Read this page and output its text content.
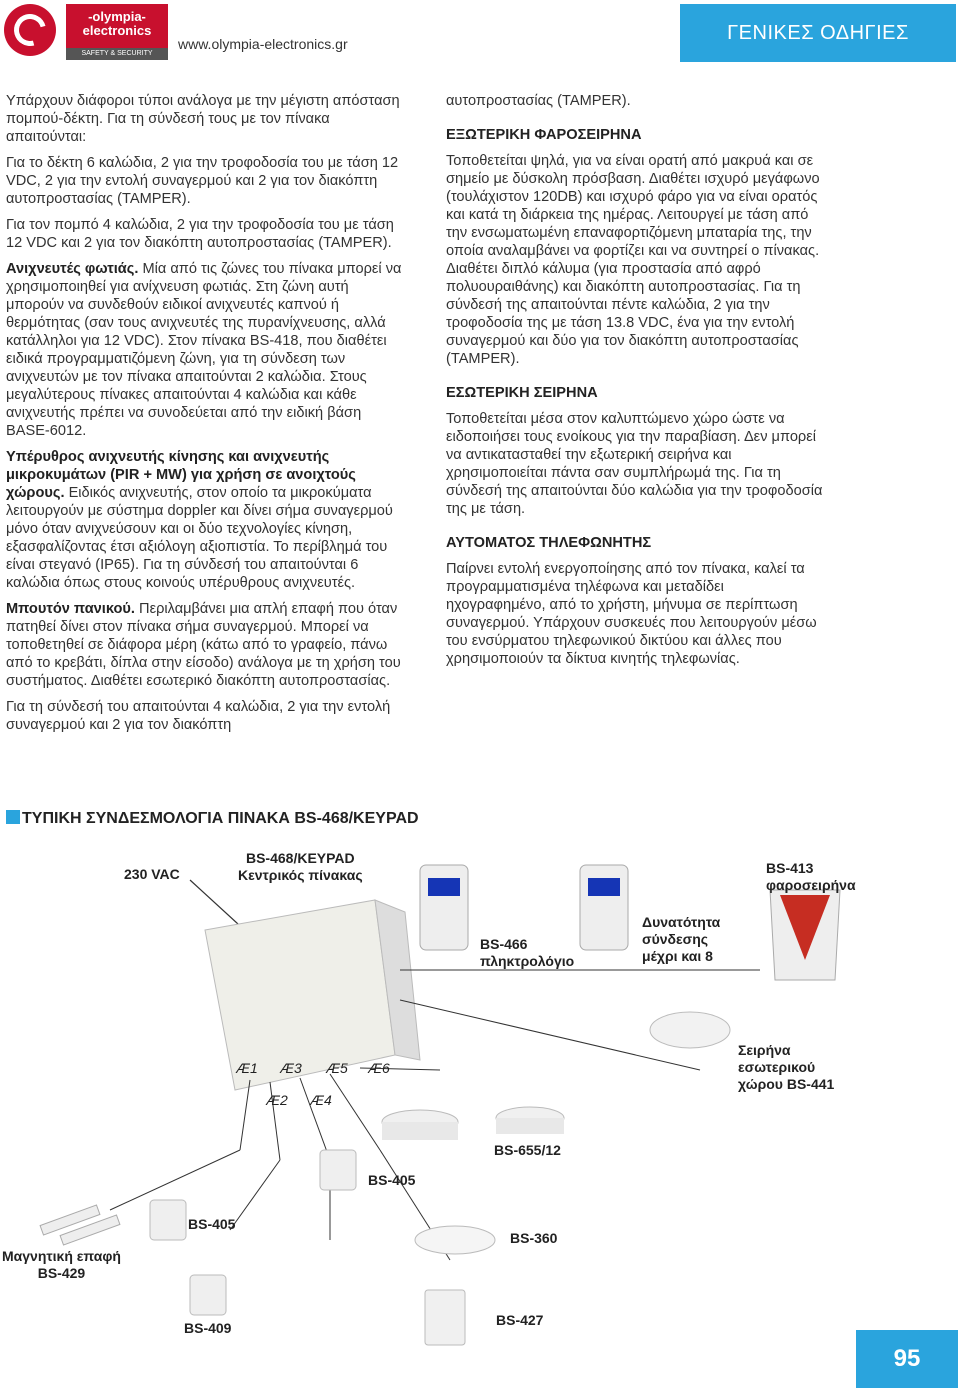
-olympia-
electronics
SAFETY & SECURITY SYSTEMS
www.olympia-electronics.gr	ΓΕΝΙΚΕΣ ΟΔΗΓΙΕΣ

Υπάρχουν διάφοροι τύποι ανάλογα με την μέγιστη απόσταση πομπού-δέκτη. Για τη σύνδεσή τους με τον πίνακα απαιτούνται:

Για το δέκτη 6 καλώδια, 2 για την τροφοδοσία του με τάση 12 VDC, 2 για την εντολή συναγερμού και 2 για τον διακόπτη αυτοπροστασίας (TAMPER).

Για τον πομπό 4 καλώδια, 2 για την τροφοδοσία του με τάση 12 VDC και 2 για τον διακόπτη αυτοπροστασίας (TAMPER).

Ανιχνευτές φωτιάς. Μία από τις ζώνες του πίνακα μπορεί να χρησιμοποιηθεί για ανίχνευση φωτιάς. Στη ζώνη αυτή μπορούν να συνδεθούν ειδικοί ανιχνευτές καπνού ή θερμότητας (σαν τους ανιχνευτές της πυρανίχνευσης, αλλά κατάλληλοι για 12 VDC). Στον πίνακα BS-418, που διαθέτει ειδικά προγραμματιζόμενη ζώνη, για τη σύνδεση των ανιχνευτών με τον πίνακα απαιτούνται 2 καλώδια. Στους μεγαλύτερους πίνακες απαιτούνται 4 καλώδια και κάθε ανιχνευτής πρέπει να συνοδεύεται από την ειδική βάση BASE-6012.

Υπέρυθρος ανιχνευτής κίνησης και ανιχνευτής μικροκυμάτων (PIR + MW) για χρήση σε ανοιχτούς χώρους. Ειδικός ανιχνευτής, στον οποίο τα μικροκύματα λειτουργούν με σύστημα doppler και δίνει σήμα συναγερμού μόνο όταν ανιχνεύσουν και οι δύο τεχνολογίες κίνηση, εξασφαλίζοντας έτσι αξιόλογη αξιοπιστία. Το περίβλημά του είναι στεγανό (IP65). Για τη σύνδεσή του απαιτούνται 6 καλώδια όπως στους κοινούς υπέρυθρους ανιχνευτές.

Μπουτόν πανικού. Περιλαμβάνει μια απλή επαφή που όταν πατηθεί δίνει στον πίνακα σήμα συναγερμού. Μπορεί να τοποθετηθεί σε διάφορα μέρη (κάτω από το γραφείο, πάνω από το κρεβάτι, δίπλα στην είσοδο) ανάλογα με τη χρήση του συστήματος. Διαθέτει εσωτερικό διακόπτη αυτοπροστασίας.

Για τη σύνδεσή του απαιτούνται 4 καλώδια, 2 για την εντολή συναγερμού και 2 για τον διακόπτη

αυτοπροστασίας (TAMPER).

ΕΞΩΤΕΡΙΚΗ ΦΑΡΟΣΕΙΡΗΝΑ

Τοποθετείται ψηλά, για να είναι ορατή από μακρυά και σε σημείο με δύσκολη πρόσβαση. Διαθέτει ισχυρό μεγάφωνο (τουλάχιστον 120DB) και ισχυρό φάρο για να είναι ορατός και κατά τη διάρκεια της ημέρας. Λειτουργεί με τάση από την ενσωματωμένη επαναφορτιζόμενη μπαταρία της, την οποία αναλαμβάνει να φορτίζει και να συντηρεί ο πίνακας. Διαθέτει διπλό κάλυμα (για προστασία από αφρό πολυουραιθάνης) και διακόπτη αυτοπροστασίας. Για τη σύνδεσή της απαιτούνται πέντε καλώδια, 2 για την τροφοδοσία της με τάση 13.8 VDC, ένα για την εντολή συναγερμού και δύο για τον διακόπτη αυτοπροστασίας (TAMPER).

ΕΣΩΤΕΡΙΚΗ ΣΕΙΡΗΝΑ

Τοποθετείται μέσα στον καλυπτώμενο χώρο ώστε να ειδοποιήσει τους ενοίκους για την παραβίαση. Δεν μπορεί να αντικατασταθεί την εξωτερική σειρήνα και χρησιμοποιείται πάντα σαν συμπλήρωμά της. Για τη σύνδεσή της απαιτούνται δύο καλώδια για την τροφοδοσία της με τάση.

ΑΥΤΟΜΑΤΟΣ ΤΗΛΕΦΩΝΗΤΗΣ

Παίρνει εντολή ενεργοποίησης από τον πίνακα, καλεί τα προγραμματισμένα τηλέφωνα και μεταδίδει ηχογραφημένο, από το χρήστη, μήνυμα σε περίπτωση συναγερμού. Υπάρχουν συσκευές που λειτουργούν μέσω του ενσύρματου τηλεφωνικού δικτύου και άλλες που χρησιμοποιούν τα δίκτυα κινητής τηλεφωνίας.

ΤΥΠΙΚΗ ΣΥΝΔΕΣΜΟΛΟΓΙΑ ΠΙΝΑΚΑ BS-468/KEYPAD
230 VAC
BS-468/KEYPAD
Κεντρικός πίνακας
BS-466
πληκτρολόγιο
Δυνατότητα
σύνδεσης
μέχρι και 8
BS-413
φαροσειρήνα
Σειρήνα
εσωτερικού
χώρου BS-441
Æ1
Æ2
Æ3
Æ4
Æ5 Æ6
BS-655/12
BS-405
BS-405
Μαγνητική επαφή
BS-429
BS-360
BS-409	BS-427
95
